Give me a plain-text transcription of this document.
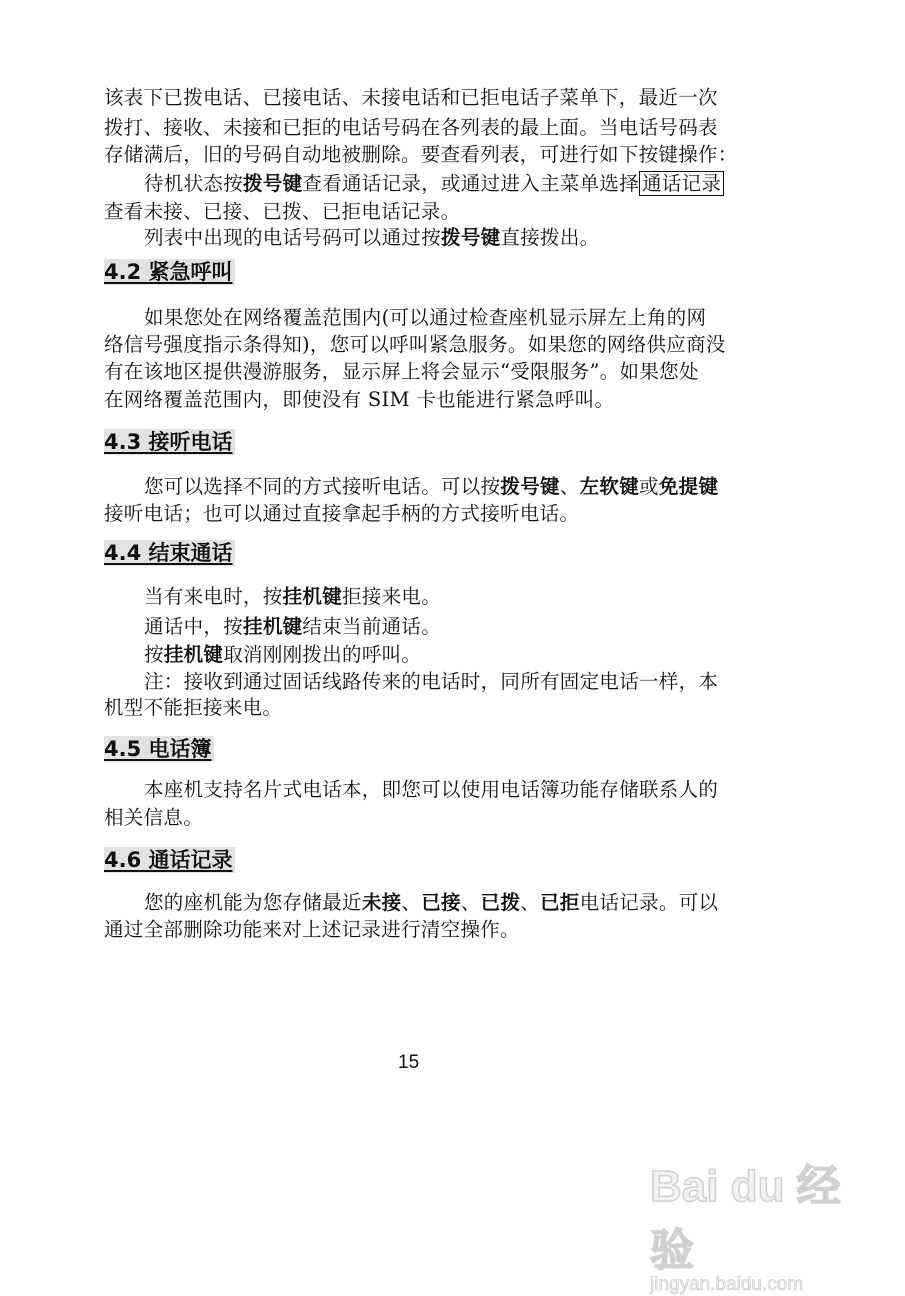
该表下已拨电话、已接电话、未接电话和已拒电话子菜单下，最近一次
拨打、接收、未接和已拒的电话号码在各列表的最上面。当电话号码表
存储满后，旧的号码自动地被删除。要查看列表，可进行如下按键操作：
待机状态按拨号键查看通话记录，或通过进入主菜单选择 通话记录
查看未接、已接、已拨、已拒电话记录。
列表中出现的电话号码可以通过按拨号键直接拨出。
4.2 紧急呼叫
如果您处在网络覆盖范围内(可以通过检查座机显示屏左上角的网
络信号强度指示条得知)，您可以呼叫紧急服务。如果您的网络供应商没
有在该地区提供漫游服务，显示屏上将会显示“受限服务”。如果您处
在网络覆盖范围内，即使没有 SIM 卡也能进行紧急呼叫。
4.3 接听电话
您可以选择不同的方式接听电话。可以按拨号键、左软键或免提键
接听电话；也可以通过直接拿起手柄的方式接听电话。
4.4 结束通话
当有来电时，按挂机键拒接来电。
通话中，按挂机键结束当前通话。
按挂机键取消刚刚拨出的呼叫。
注：接收到通过固话线路传来的电话时，同所有固定电话一样，本
机型不能拒接来电。
4.5 电话簿
本座机支持名片式电话本，即您可以使用电话簿功能存储联系人的
相关信息。
4.6 通话记录
您的座机能为您存储最近未接、已接、已拨、已拒电话记录。可以
通过全部删除功能来对上述记录进行清空操作。
15
Bai du 经验
jingyan.baidu.com
